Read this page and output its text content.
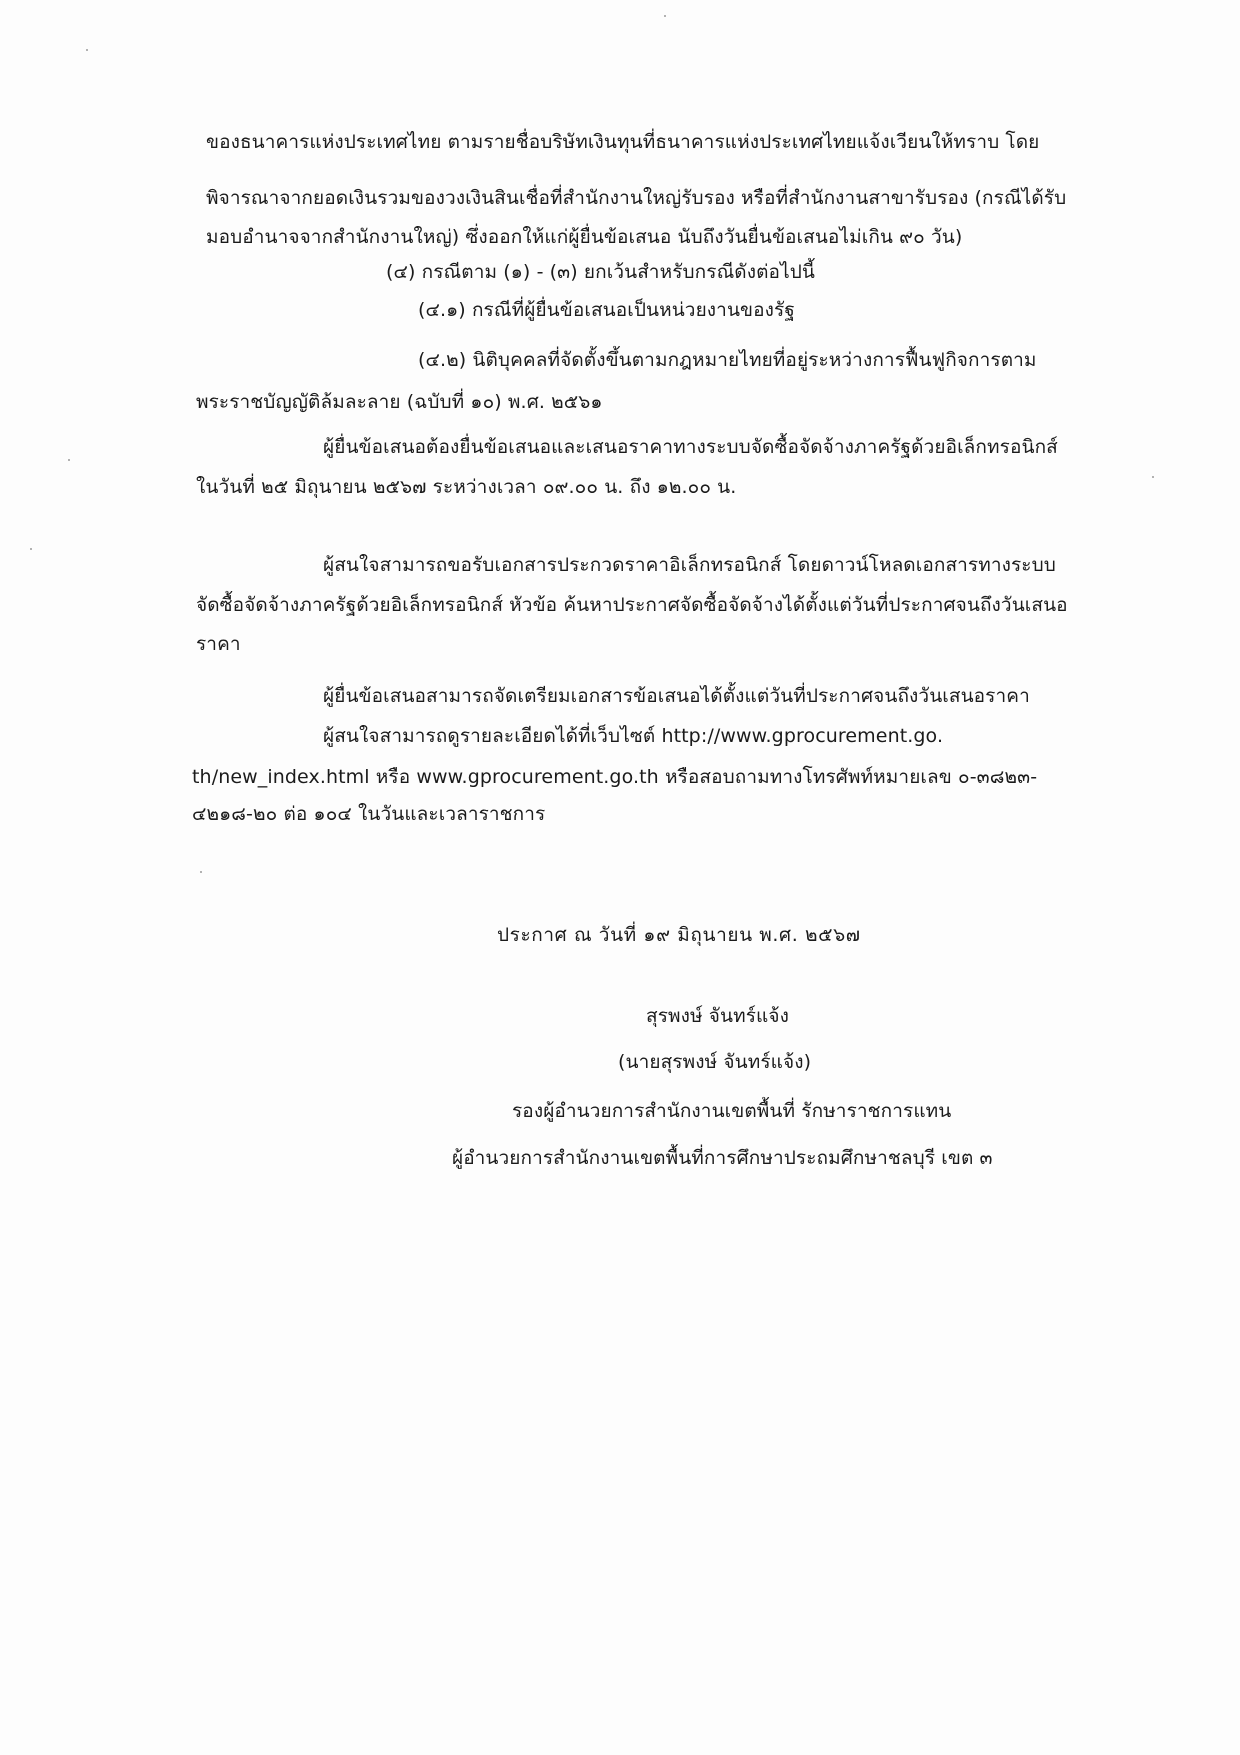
ของธนาคารแห่งประเทศไทย ตามรายชื่อบริษัทเงินทุนที่ธนาคารแห่งประเทศไทยแจ้งเวียนให้ทราบ โดย
พิจารณาจากยอดเงินรวมของวงเงินสินเชื่อที่สำนักงานใหญ่รับรอง หรือที่สำนักงานสาขารับรอง (กรณีได้รับ
มอบอำนาจจากสำนักงานใหญ่) ซึ่งออกให้แก่ผู้ยื่นข้อเสนอ นับถึงวันยื่นข้อเสนอไม่เกิน ๙๐ วัน)
(๔) กรณีตาม (๑) - (๓) ยกเว้นสำหรับกรณีดังต่อไปนี้
(๔.๑) กรณีที่ผู้ยื่นข้อเสนอเป็นหน่วยงานของรัฐ
(๔.๒) นิติบุคคลที่จัดตั้งขึ้นตามกฎหมายไทยที่อยู่ระหว่างการฟื้นฟูกิจการตาม
พระราชบัญญัติล้มละลาย (ฉบับที่ ๑๐) พ.ศ. ๒๕๖๑
ผู้ยื่นข้อเสนอต้องยื่นข้อเสนอและเสนอราคาทางระบบจัดซื้อจัดจ้างภาครัฐด้วยอิเล็กทรอนิกส์
ในวันที่ ๒๕ มิถุนายน ๒๕๖๗ ระหว่างเวลา ๐๙.๐๐ น. ถึง ๑๒.๐๐ น.
ผู้สนใจสามารถขอรับเอกสารประกวดราคาอิเล็กทรอนิกส์ โดยดาวน์โหลดเอกสารทางระบบ
จัดซื้อจัดจ้างภาครัฐด้วยอิเล็กทรอนิกส์ หัวข้อ ค้นหาประกาศจัดซื้อจัดจ้างได้ตั้งแต่วันที่ประกาศจนถึงวันเสนอ
ราคา
ผู้ยื่นข้อเสนอสามารถจัดเตรียมเอกสารข้อเสนอได้ตั้งแต่วันที่ประกาศจนถึงวันเสนอราคา
ผู้สนใจสามารถดูรายละเอียดได้ที่เว็บไซต์ http://www.gprocurement.go.
th/new_index.html หรือ www.gprocurement.go.th หรือสอบถามทางโทรศัพท์หมายเลข ๐-๓๘๒๓-
๔๒๑๘-๒๐ ต่อ ๑๐๔ ในวันและเวลาราชการ
ประกาศ ณ วันที่ ๑๙ มิถุนายน พ.ศ. ๒๕๖๗
สุรพงษ์ จันทร์แจ้ง
(นายสุรพงษ์ จันทร์แจ้ง)
รองผู้อำนวยการสำนักงานเขตพื้นที่ รักษาราชการแทน
ผู้อำนวยการสำนักงานเขตพื้นที่การศึกษาประถมศึกษาชลบุรี เขต ๓
